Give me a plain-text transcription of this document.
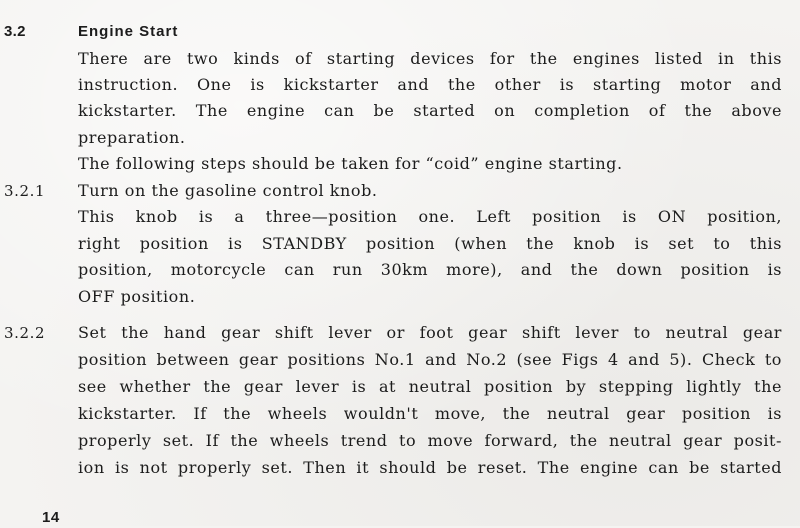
3.2	Engine Start
There are two kinds of starting devices for the engines listed in this
instruction. One is kickstarter and the other is starting motor and
kickstarter. The engine can be started on completion of the above
preparation.
The following steps should be taken for “coid” engine starting.
3.2.1 Turn on the gasoline control knob.
This knob is a three—position one. Left position is ON position,
right position is STANDBY position (when the knob is set to this
position, motorcycle can run 30km more), and the down position is
OFF position.
3.2.2 Set the hand gear shift lever or foot gear shift lever to neutral gear
position between gear positions No.1 and No.2 (see Figs 4 and 5). Check to
see whether the gear lever is at neutral position by stepping lightly the
kickstarter. If the wheels wouldn't move, the neutral gear position is
properly set. If the wheels trend to move forward, the neutral gear posit-
ion is not properly set. Then it should be reset. The engine can be started
14
